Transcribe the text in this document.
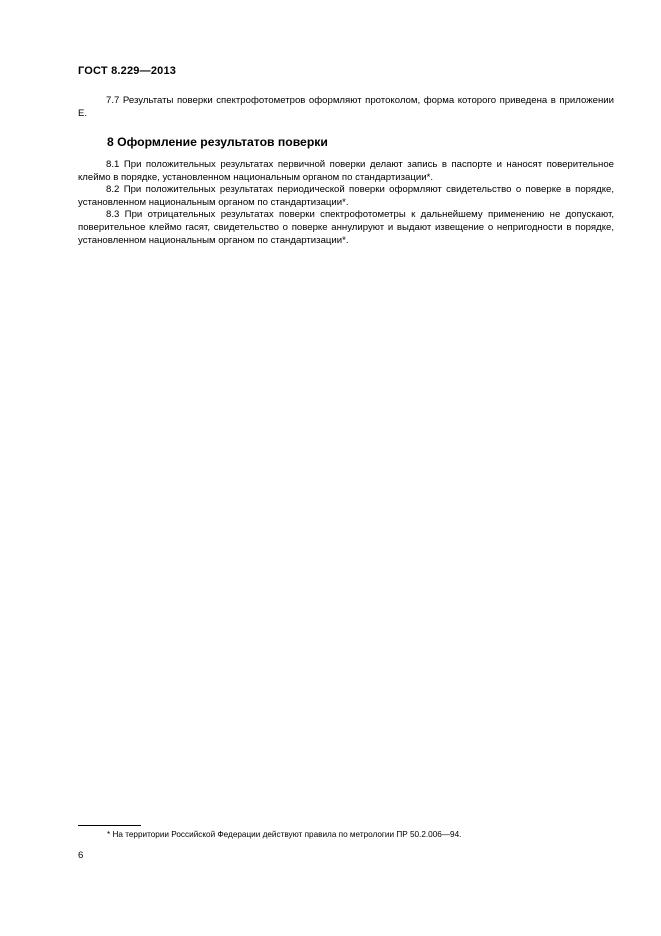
ГОСТ 8.229—2013

7.7 Результаты поверки спектрофотометров оформляют протоколом, форма которого приведена в приложении Е.

8 Оформление результатов поверки

8.1 При положительных результатах первичной поверки делают запись в паспорте и наносят поверительное клеймо в порядке, установленном национальным органом по стандартизации*.

8.2 При положительных результатах периодической поверки оформляют свидетельство о поверке в порядке, установленном национальным органом по стандартизации*.

8.3 При отрицательных результатах поверки спектрофотометры к дальнейшему применению не допускают, поверительное клеймо гасят, свидетельство о поверке аннулируют и выдают извещение о непригодности в порядке, установленном национальным органом по стандартизации*.

* На территории Российской Федерации действуют правила по метрологии ПР 50.2.006—94.
6
